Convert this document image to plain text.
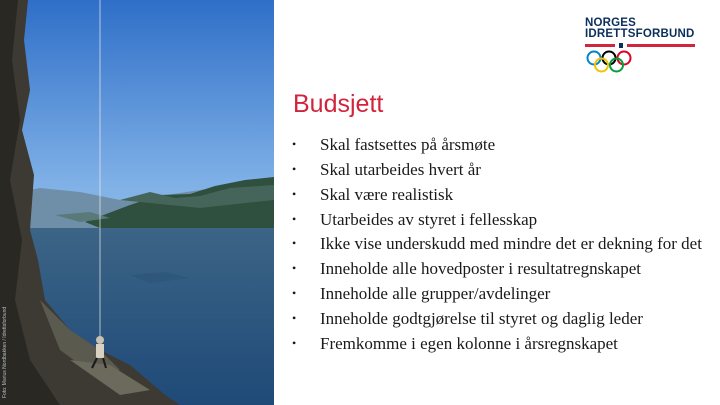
Foto: Marius Nordbakken / Idrettsforbund
NORGES
IDRETTSFORBUND
Budsjett
• Skal fastsettes på årsmøte
• Skal utarbeides hvert år
• Skal være realistisk
• Utarbeides av styret i fellesskap
• Ikke vise underskudd med mindre det er dekning for det
• Inneholde alle hovedposter i resultatregnskapet
• Inneholde alle grupper/avdelinger
• Inneholde godtgjørelse til styret og daglig leder
• Fremkomme i egen kolonne i årsregnskapet
